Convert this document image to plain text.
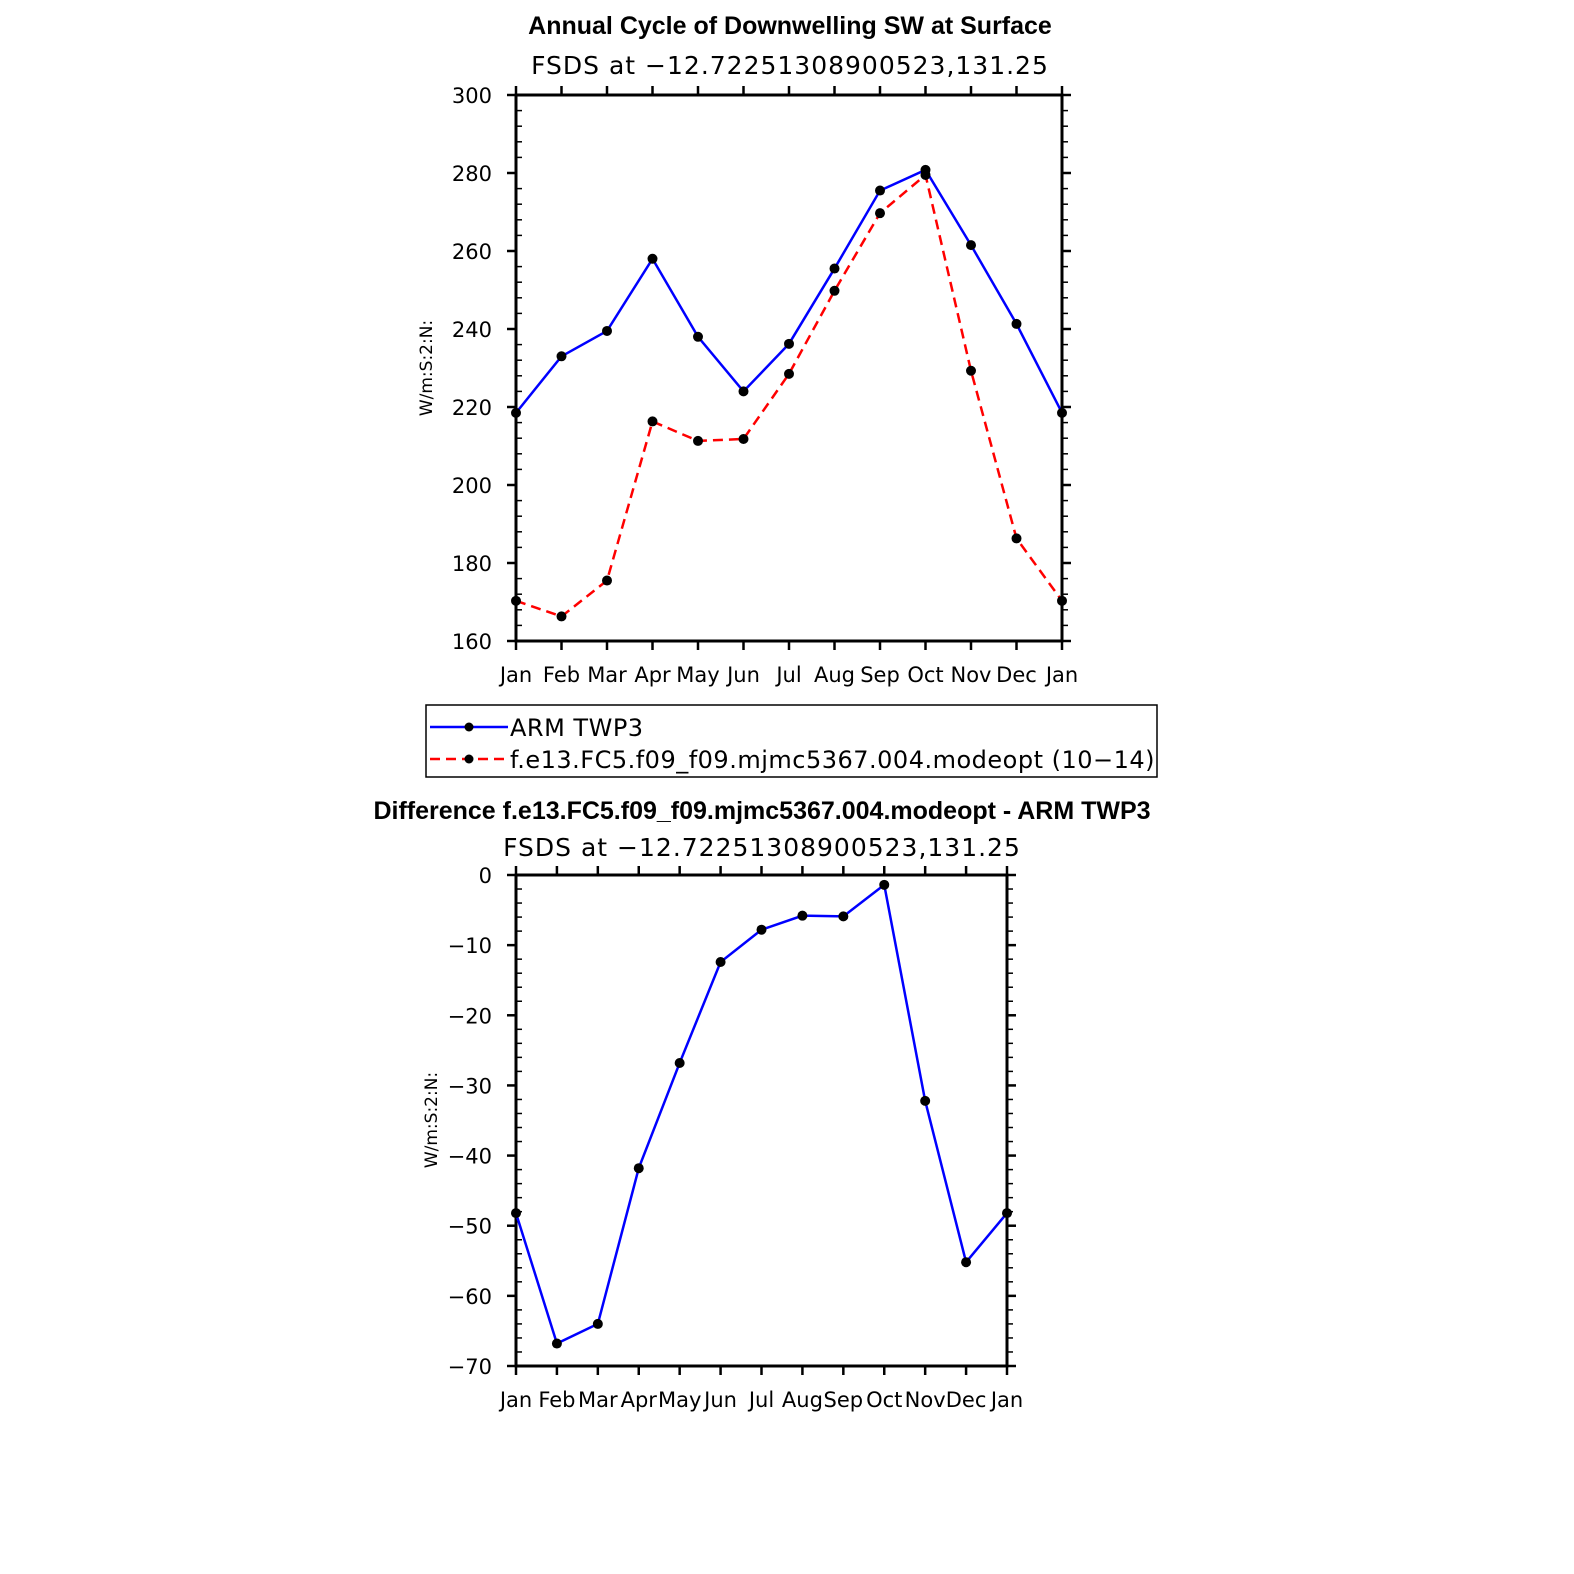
Annual Cycle of Downwelling SW at Surface
FSDS at −12.72251308900523,131.25
W/m:S:2:N:
Jan Feb Mar Apr May Jun Jul Aug Sep Oct Nov Dec Jan
160
180
200
220
240
260
280
300
ARM TWP3
f.e13.FC5.f09_f09.mjmc5367.004.modeopt (10−14)
Difference f.e13.FC5.f09_f09.mjmc5367.004.modeopt - ARM TWP3
FSDS at −12.72251308900523,131.25
W/m:S:2:N:
Jan Feb Mar Apr May Jun Jul Aug Sep Oct Nov Dec Jan
−70
−60
−50
−40
−30
−20
−10
0
